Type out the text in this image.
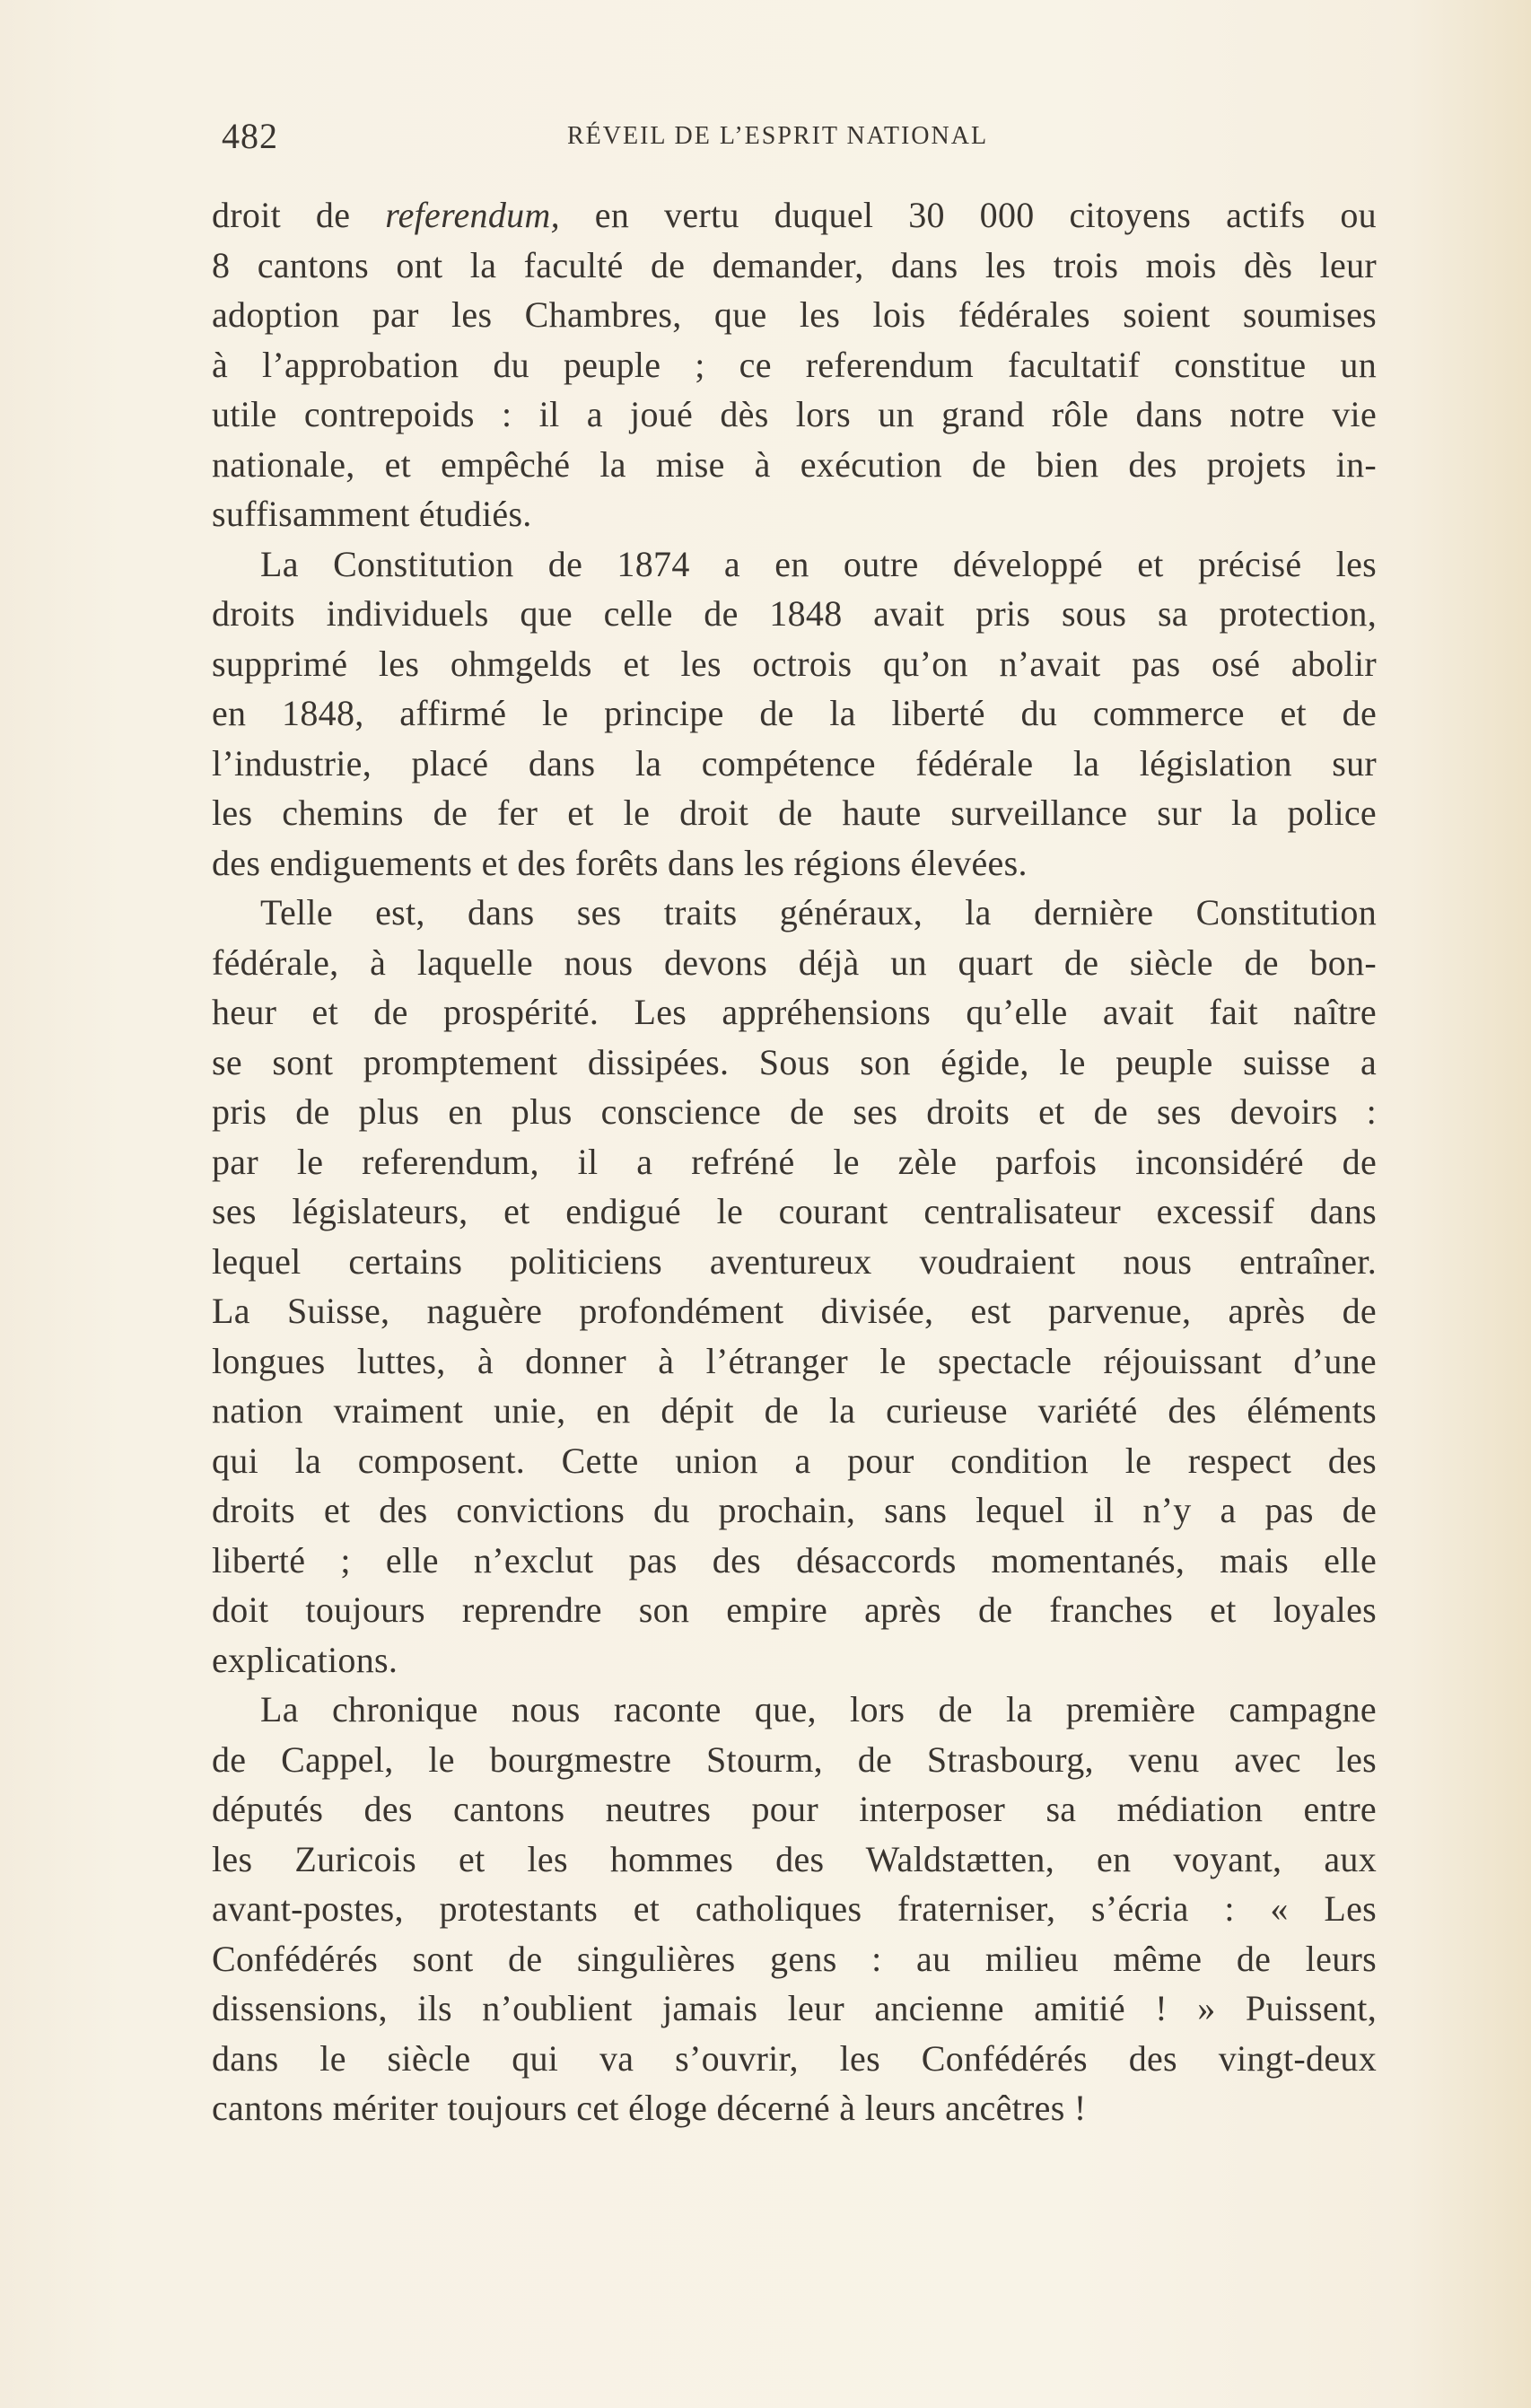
482	RÉVEIL DE L’ESPRIT NATIONAL
droit de referendum, en vertu duquel 30 000 citoyens actifs ou
8 cantons ont la faculté de demander, dans les trois mois dès leur
adoption par les Chambres, que les lois fédérales soient soumises
à l’approbation du peuple ; ce referendum facultatif constitue un
utile contrepoids : il a joué dès lors un grand rôle dans notre vie
nationale, et empêché la mise à exécution de bien des projets in-
suffisamment étudiés.
La Constitution de 1874 a en outre développé et précisé les
droits individuels que celle de 1848 avait pris sous sa protection,
supprimé les ohmgelds et les octrois qu’on n’avait pas osé abolir
en 1848, affirmé le principe de la liberté du commerce et de
l’industrie, placé dans la compétence fédérale la législation sur
les chemins de fer et le droit de haute surveillance sur la police
des endiguements et des forêts dans les régions élevées.
Telle est, dans ses traits généraux, la dernière Constitution
fédérale, à laquelle nous devons déjà un quart de siècle de bon-
heur et de prospérité. Les appréhensions qu’elle avait fait naître
se sont promptement dissipées. Sous son égide, le peuple suisse a
pris de plus en plus conscience de ses droits et de ses devoirs :
par le referendum, il a refréné le zèle parfois inconsidéré de
ses législateurs, et endigué le courant centralisateur excessif dans
lequel certains politiciens aventureux voudraient nous entraîner.
La Suisse, naguère profondément divisée, est parvenue, après de
longues luttes, à donner à l’étranger le spectacle réjouissant d’une
nation vraiment unie, en dépit de la curieuse variété des éléments
qui la composent. Cette union a pour condition le respect des
droits et des convictions du prochain, sans lequel il n’y a pas de
liberté ; elle n’exclut pas des désaccords momentanés, mais elle
doit toujours reprendre son empire après de franches et loyales
explications.
La chronique nous raconte que, lors de la première campagne
de Cappel, le bourgmestre Stourm, de Strasbourg, venu avec les
députés des cantons neutres pour interposer sa médiation entre
les Zuricois et les hommes des Waldstætten, en voyant, aux
avant-postes, protestants et catholiques fraterniser, s’écria : « Les
Confédérés sont de singulières gens : au milieu même de leurs
dissensions, ils n’oublient jamais leur ancienne amitié ! » Puissent,
dans le siècle qui va s’ouvrir, les Confédérés des vingt-deux
cantons mériter toujours cet éloge décerné à leurs ancêtres !
